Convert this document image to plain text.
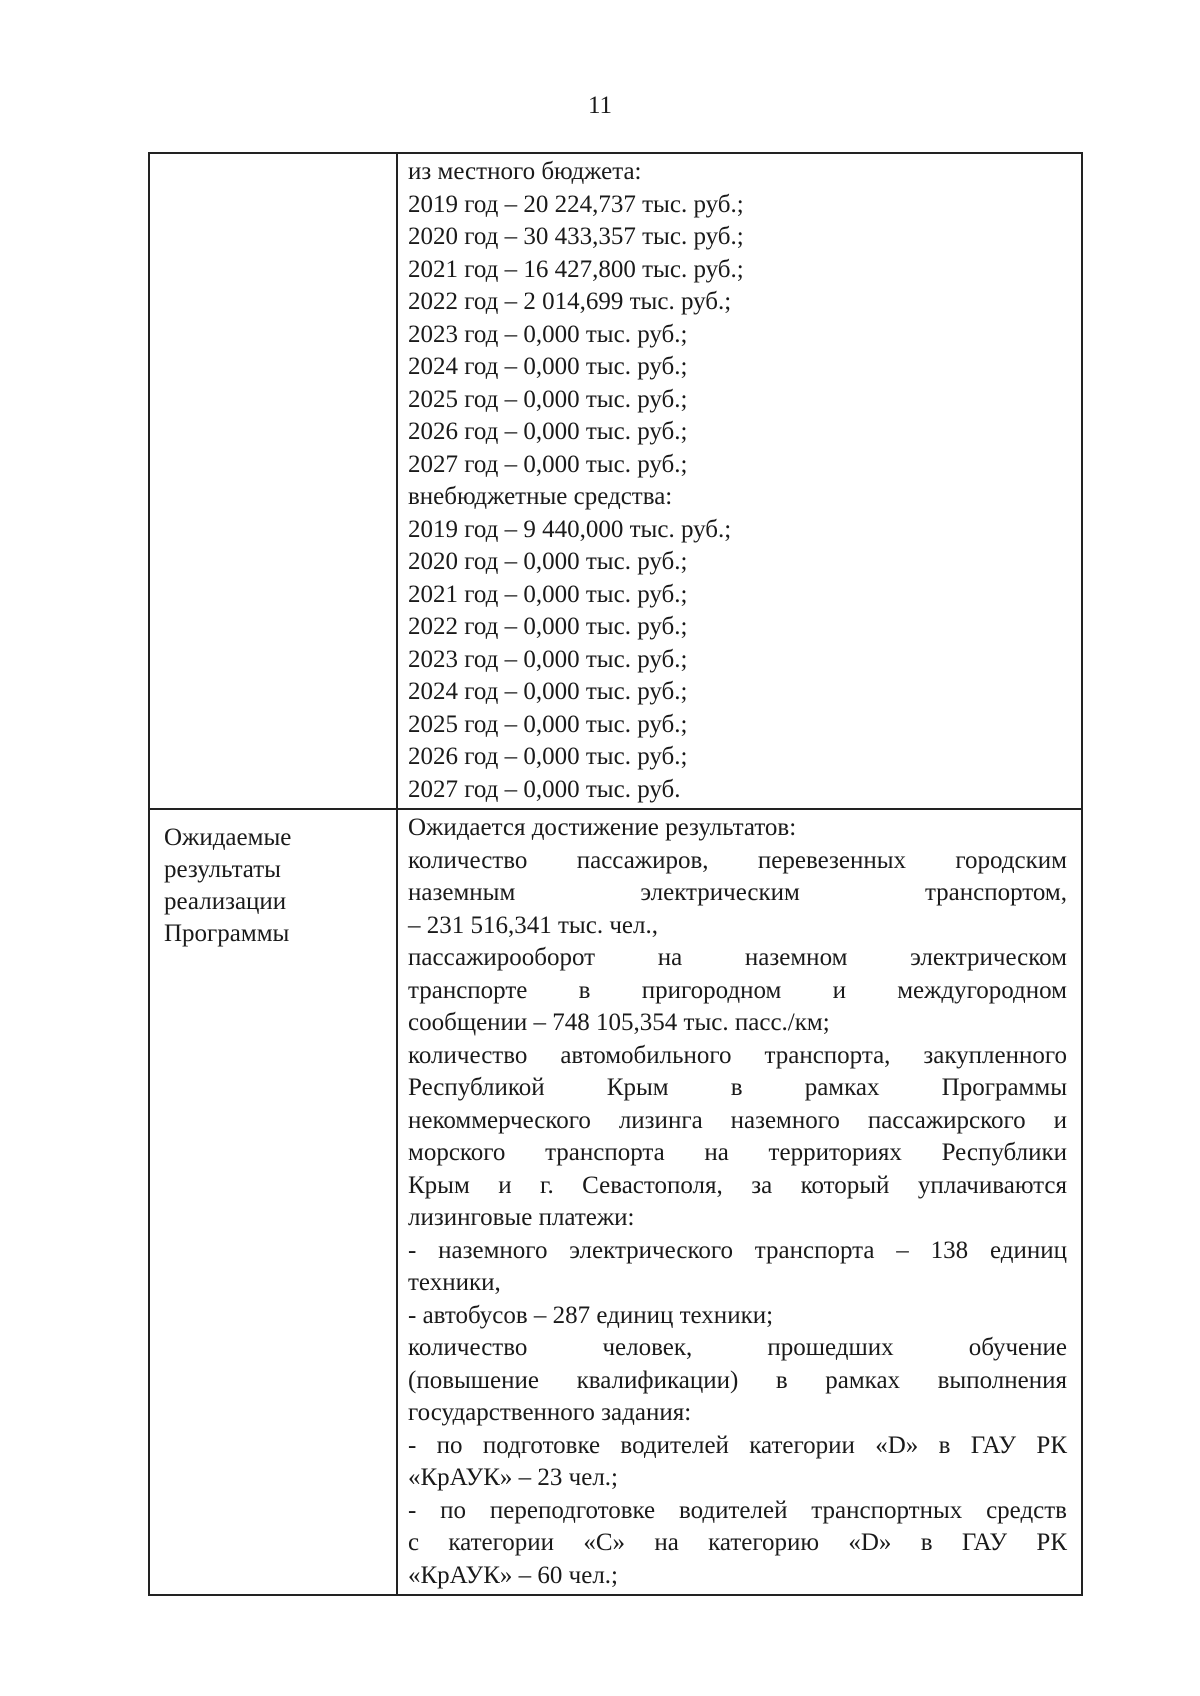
11
из местного бюджета:
2019 год – 20 224,737 тыс. руб.;
2020 год – 30 433,357 тыс. руб.;
2021 год – 16 427,800 тыс. руб.;
2022 год – 2 014,699 тыс. руб.;
2023 год – 0,000 тыс. руб.;
2024 год – 0,000 тыс. руб.;
2025 год – 0,000 тыс. руб.;
2026 год – 0,000 тыс. руб.;
2027 год – 0,000 тыс. руб.;
внебюджетные средства:
2019 год – 9 440,000 тыс. руб.;
2020 год – 0,000 тыс. руб.;
2021 год – 0,000 тыс. руб.;
2022 год – 0,000 тыс. руб.;
2023 год – 0,000 тыс. руб.;
2024 год – 0,000 тыс. руб.;
2025 год – 0,000 тыс. руб.;
2026 год – 0,000 тыс. руб.;
2027 год – 0,000 тыс. руб.
Ожидаемые
результаты
реализации
Программы
Ожидается достижение результатов:
количество пассажиров, перевезенных городским
наземным электрическим транспортом,
– 231 516,341 тыс. чел.,
пассажирооборот на наземном электрическом
транспорте в пригородном и междугородном
сообщении – 748 105,354 тыс. пасс./км;
количество автомобильного транспорта, закупленного
Республикой Крым в рамках Программы
некоммерческого лизинга наземного пассажирского и
морского транспорта на территориях Республики
Крым и г. Севастополя, за который уплачиваются
лизинговые платежи:
- наземного электрического транспорта – 138 единиц
техники,
- автобусов – 287 единиц техники;
количество человек, прошедших обучение
(повышение квалификации) в рамках выполнения
государственного задания:
- по подготовке водителей категории «D» в ГАУ РК
«КрАУК» – 23 чел.;
- по переподготовке водителей транспортных средств
с категории «С» на категорию «D» в ГАУ РК
«КрАУК» – 60 чел.;
